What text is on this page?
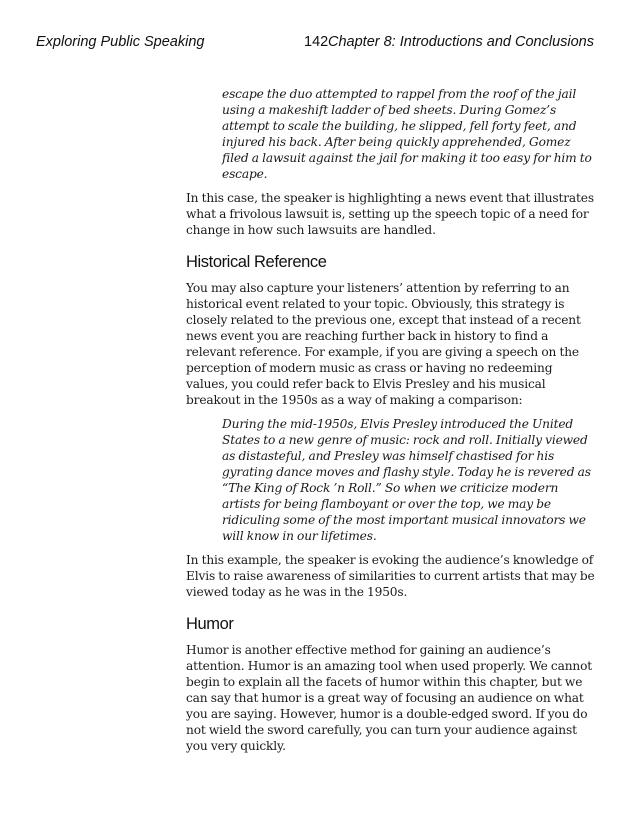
Exploring Public Speaking	142 Chapter 8: Introductions and Conclusions

escape the duo attempted to rappel from the roof of the jail using a makeshift ladder of bed sheets. During Gomez’s attempt to scale the building, he slipped, fell forty feet, and injured his back. After being quickly apprehended, Gomez filed a lawsuit against the jail for making it too easy for him to escape.

In this case, the speaker is highlighting a news event that illustrates what a frivolous lawsuit is, setting up the speech topic of a need for change in how such lawsuits are handled.

Historical Reference

You may also capture your listeners’ attention by referring to an historical event related to your topic. Obviously, this strategy is closely related to the previous one, except that instead of a recent news event you are reaching further back in history to find a relevant reference. For example, if you are giving a speech on the perception of modern music as crass or having no redeeming values, you could refer back to Elvis Presley and his musical breakout in the 1950s as a way of making a comparison:

During the mid-1950s, Elvis Presley introduced the United States to a new genre of music: rock and roll. Initially viewed as distasteful, and Presley was himself chastised for his gyrating dance moves and flashy style. Today he is revered as “The King of Rock ’n Roll.” So when we criticize modern artists for being flamboyant or over the top, we may be ridiculing some of the most important musical innovators we will know in our lifetimes.

In this example, the speaker is evoking the audience’s knowledge of Elvis to raise awareness of similarities to current artists that may be viewed today as he was in the 1950s.

Humor

Humor is another effective method for gaining an audience’s attention. Humor is an amazing tool when used properly. We cannot begin to explain all the facets of humor within this chapter, but we can say that humor is a great way of focusing an audience on what you are saying. However, humor is a double-edged sword. If you do not wield the sword carefully, you can turn your audience against you very quickly.
